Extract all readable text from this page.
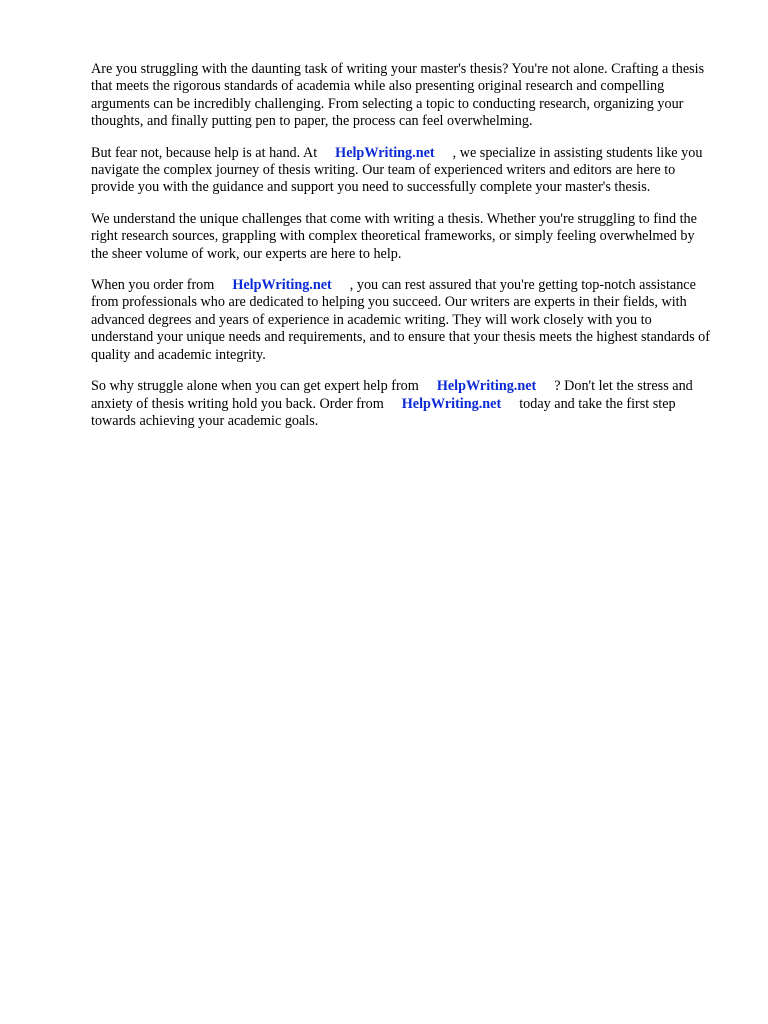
Are you struggling with the daunting task of writing your master's thesis? You're not alone. Crafting a thesis that meets the rigorous standards of academia while also presenting original research and compelling arguments can be incredibly challenging. From selecting a topic to conducting research, organizing your thoughts, and finally putting pen to paper, the process can feel overwhelming.

But fear not, because help is at hand. At HelpWriting.net , we specialize in assisting students like you navigate the complex journey of thesis writing. Our team of experienced writers and editors are here to provide you with the guidance and support you need to successfully complete your master's thesis.

We understand the unique challenges that come with writing a thesis. Whether you're struggling to find the right research sources, grappling with complex theoretical frameworks, or simply feeling overwhelmed by the sheer volume of work, our experts are here to help.

When you order from HelpWriting.net , you can rest assured that you're getting top-notch assistance from professionals who are dedicated to helping you succeed. Our writers are experts in their fields, with advanced degrees and years of experience in academic writing. They will work closely with you to understand your unique needs and requirements, and to ensure that your thesis meets the highest standards of quality and academic integrity.

So why struggle alone when you can get expert help from HelpWriting.net ? Don't let the stress and anxiety of thesis writing hold you back. Order from HelpWriting.net today and take the first step towards achieving your academic goals.
